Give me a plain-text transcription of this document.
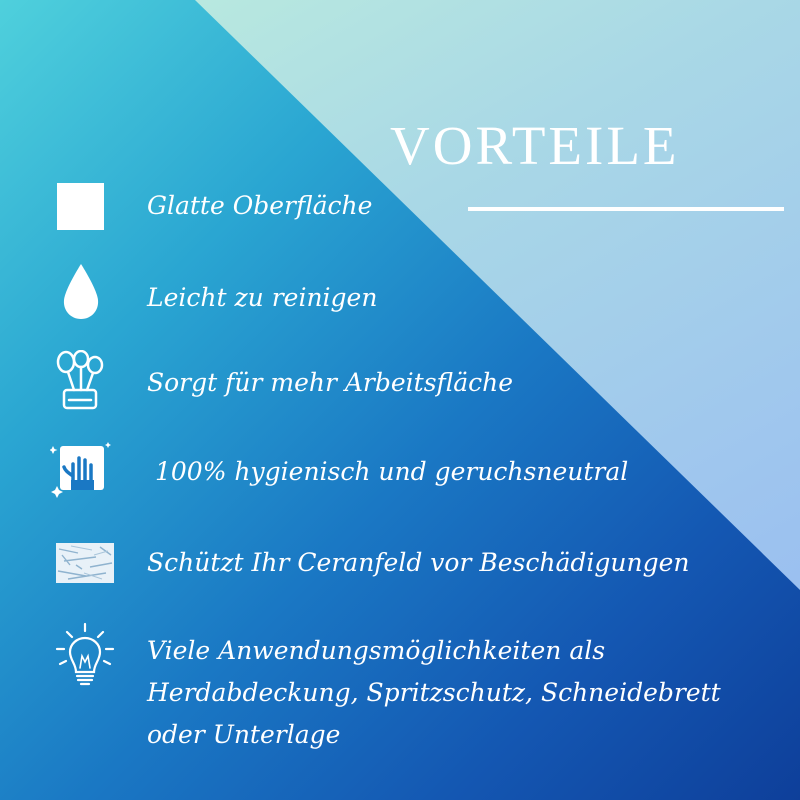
VORTEILE
Glatte Oberfläche
Leicht zu reinigen
Sorgt für mehr Arbeitsfläche
100% hygienisch und geruchsneutral
Schützt Ihr Ceranfeld vor Beschädigungen
Viele Anwendungsmöglichkeiten als Herdabdeckung, Spritzschutz, Schneidebrett oder Unterlage
